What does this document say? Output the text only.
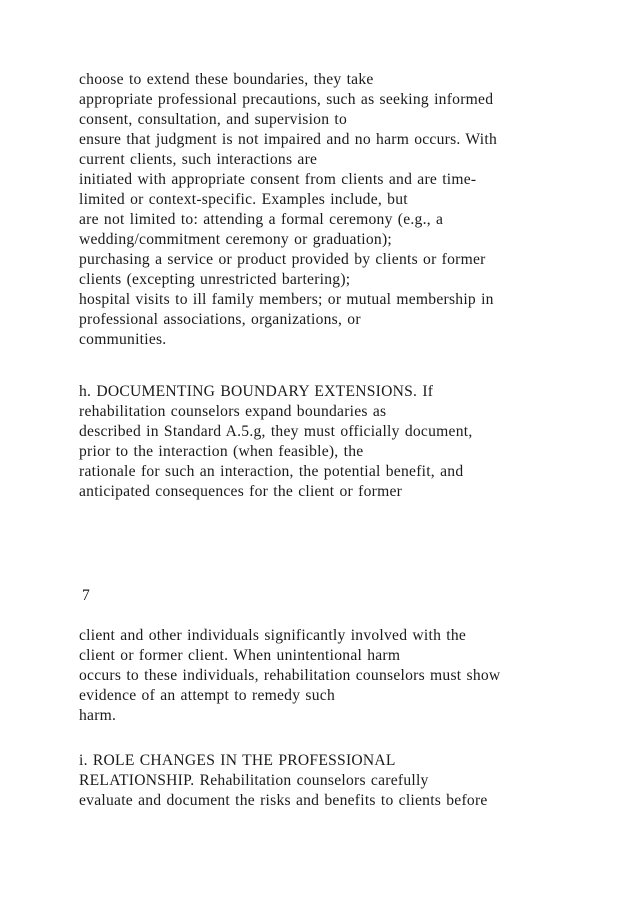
choose to extend these boundaries, they take
appropriate professional precautions, such as seeking informed
consent, consultation, and supervision to
ensure that judgment is not impaired and no harm occurs. With
current clients, such interactions are
initiated with appropriate consent from clients and are time-
limited or context-specific. Examples include, but
are not limited to: attending a formal ceremony (e.g., a
wedding/commitment ceremony or graduation);
purchasing a service or product provided by clients or former
clients (excepting unrestricted bartering);
hospital visits to ill family members; or mutual membership in
professional associations, organizations, or
communities.
h. DOCUMENTING BOUNDARY EXTENSIONS. If
rehabilitation counselors expand boundaries as
described in Standard A.5.g, they must officially document,
prior to the interaction (when feasible), the
rationale for such an interaction, the potential benefit, and
anticipated consequences for the client or former
7
client and other individuals significantly involved with the
client or former client. When unintentional harm
occurs to these individuals, rehabilitation counselors must show
evidence of an attempt to remedy such
harm.
i. ROLE CHANGES IN THE PROFESSIONAL
RELATIONSHIP. Rehabilitation counselors carefully
evaluate and document the risks and benefits to clients before
